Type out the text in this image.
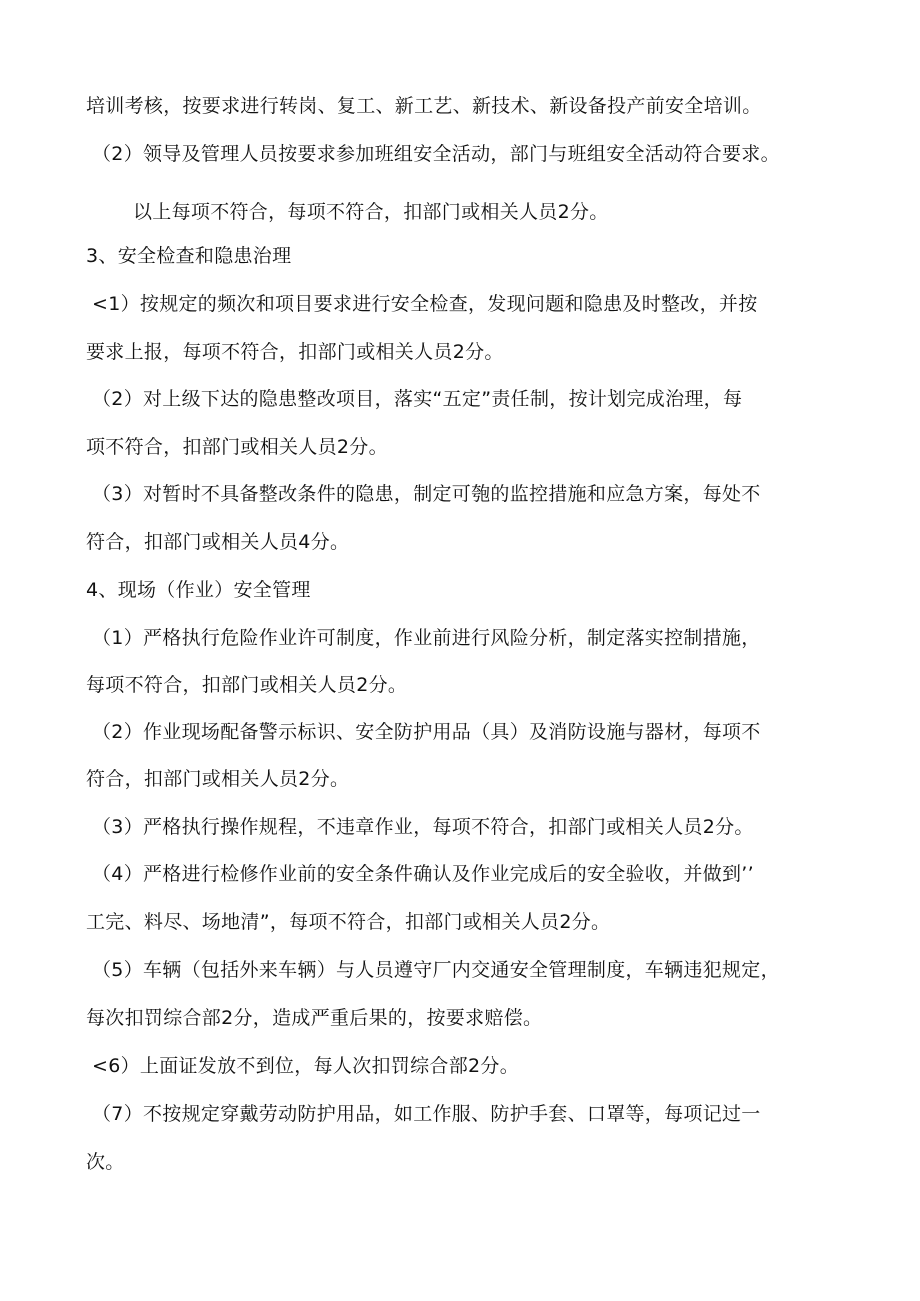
培训考核，按要求进行转岗、复工、新工艺、新技术、新设备投产前安全培训。
（2）领导及管理人员按要求参加班组安全活动，部门与班组安全活动符合要求。
以上每项不符合，每项不符合，扣部门或相关人员2分。
3、安全检查和隐患治理
<1）按规定的频次和项目要求进行安全检查，发现问题和隐患及时整改，并按
要求上报，每项不符合，扣部门或相关人员2分。
（2）对上级下达的隐患整改项目，落实“五定”责任制，按计划完成治理，每
项不符合，扣部门或相关人员2分。
（3）对暂时不具备整改条件的隐患，制定可匏的监控措施和应急方案，每处不
符合，扣部门或相关人员4分。
4、现场（作业）安全管理
（1）严格执行危险作业许可制度，作业前进行风险分析，制定落实控制措施，
每项不符合，扣部门或相关人员2分。
（2）作业现场配备警示标识、安全防护用品（具）及消防设施与器材，每项不
符合，扣部门或相关人员2分。
（3）严格执行操作规程，不违章作业，每项不符合，扣部门或相关人员2分。
（4）严格进行检修作业前的安全条件确认及作业完成后的安全验收，并做到’’
工完、料尽、场地清”，每项不符合，扣部门或相关人员2分。
（5）车辆（包括外来车辆）与人员遵守厂内交通安全管理制度，车辆违犯规定，
每次扣罚综合部2分，造成严重后果的，按要求赔偿。
<6）上面证发放不到位，每人次扣罚综合部2分。
（7）不按规定穿戴劳动防护用品，如工作服、防护手套、口罩等，每项记过一
次。
